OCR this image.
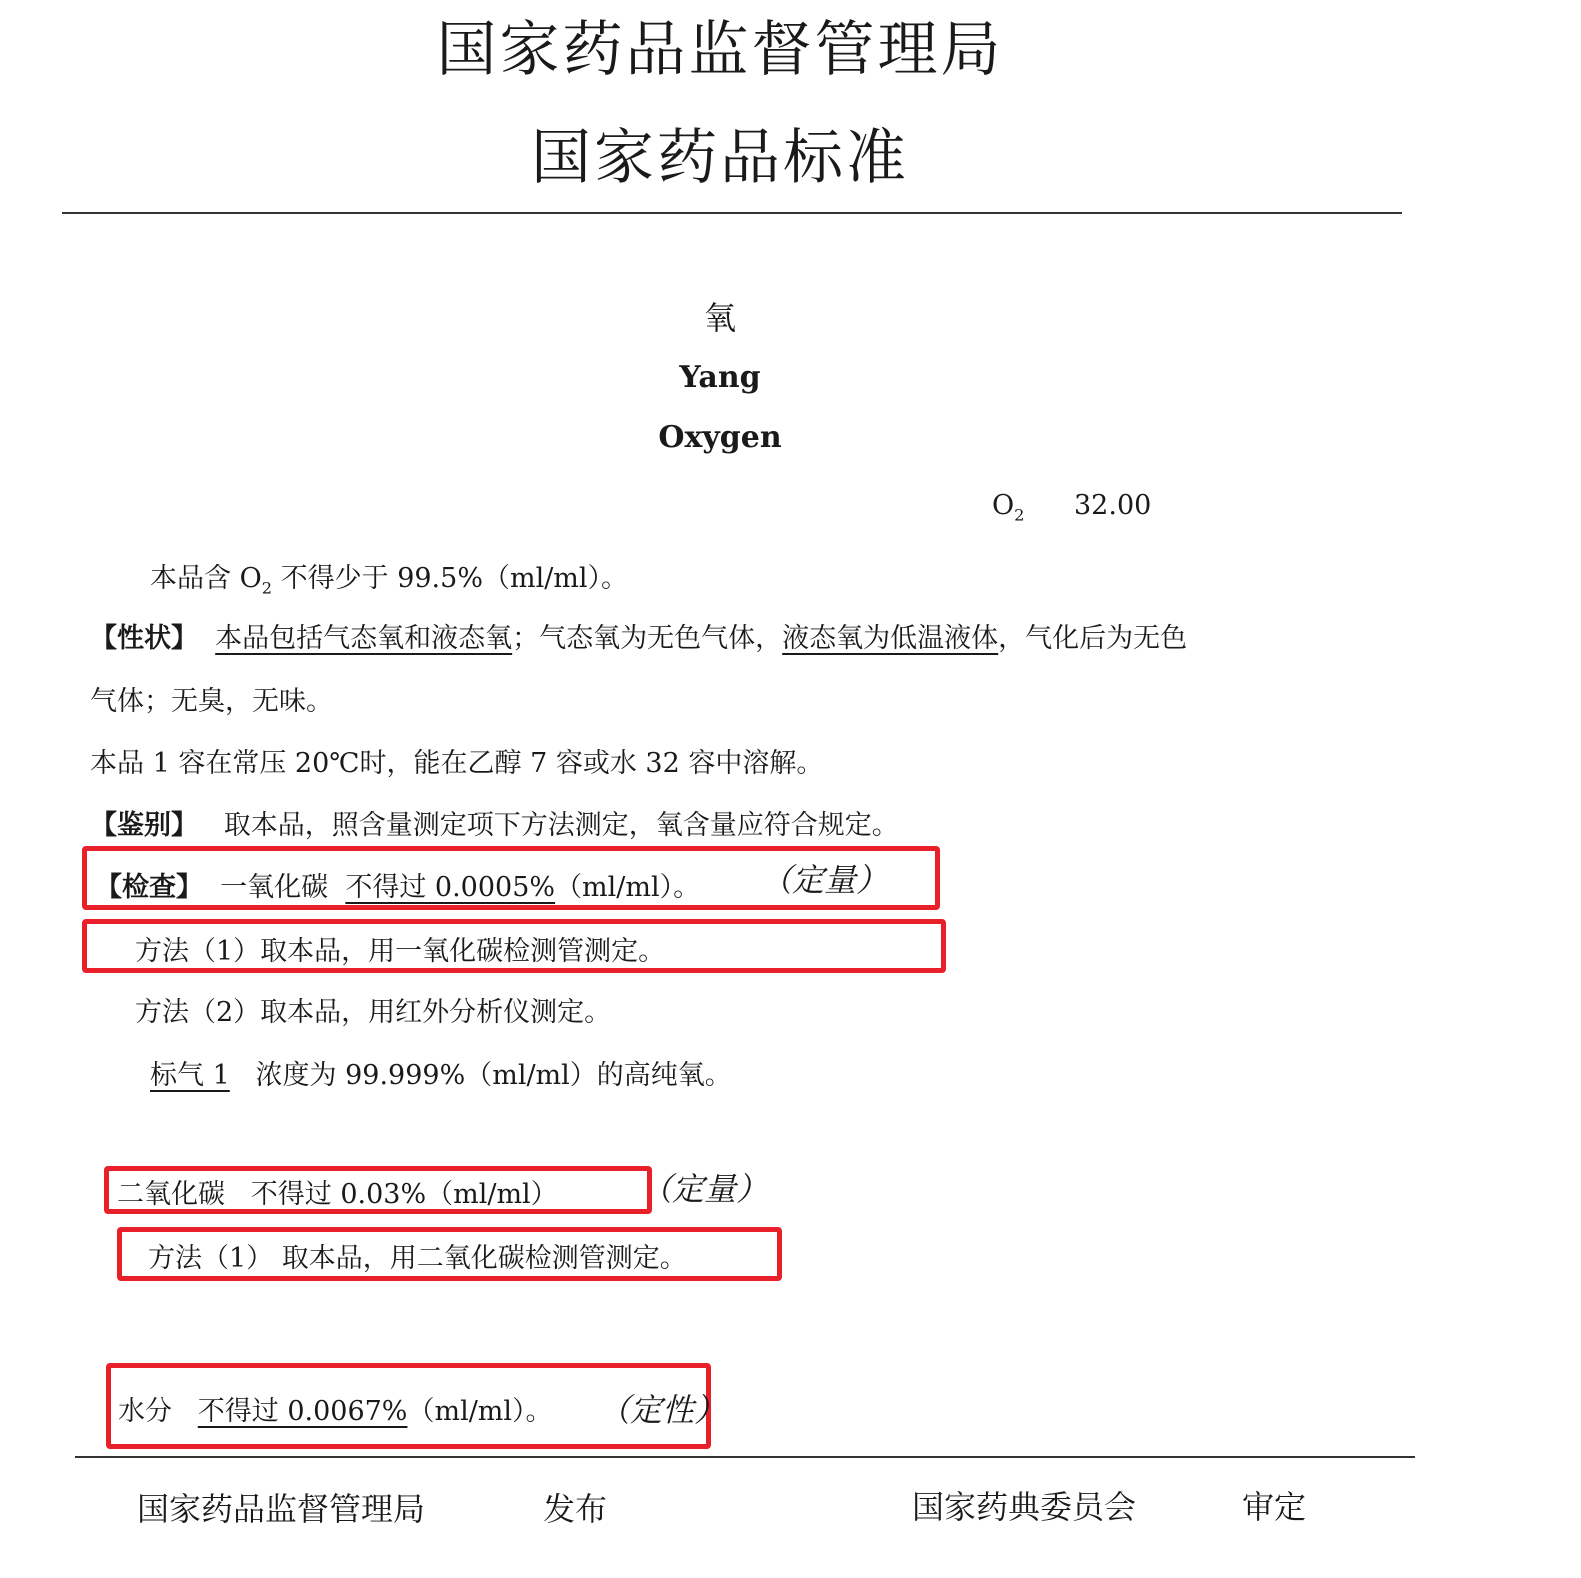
国家药品监督管理局
国家药品标准
氧
Yang
Oxygen
$O_2$ 32.00
本品含 $O_2$ 不得少于 99.5%（ml/ml）。
【性状】 本品包括气态氧和液态氧；气态氧为无色气体，液态氧为低温液体，气化后为无色
气体；无臭，无味。
本品 1 容在常压 20℃时，能在乙醇 7 容或水 32 容中溶解。
【鉴别】 取本品，照含量测定项下方法测定，氧含量应符合规定。
【检查】 一氧化碳 不得过 0.0005%（ml/ml）。 （定量）
方法（1）取本品，用一氧化碳检测管测定。
方法（2）取本品，用红外分析仪测定。
标气 1 浓度为 99.999%（ml/ml）的高纯氧。
二氧化碳 不得过 0.03%（ml/ml）	（定量）
方法（1） 取本品，用二氧化碳检测管测定。
水分 不得过 0.0067%（ml/ml）。 （定性）
国家药品监督管理局	发布	国家药典委员会	审定
